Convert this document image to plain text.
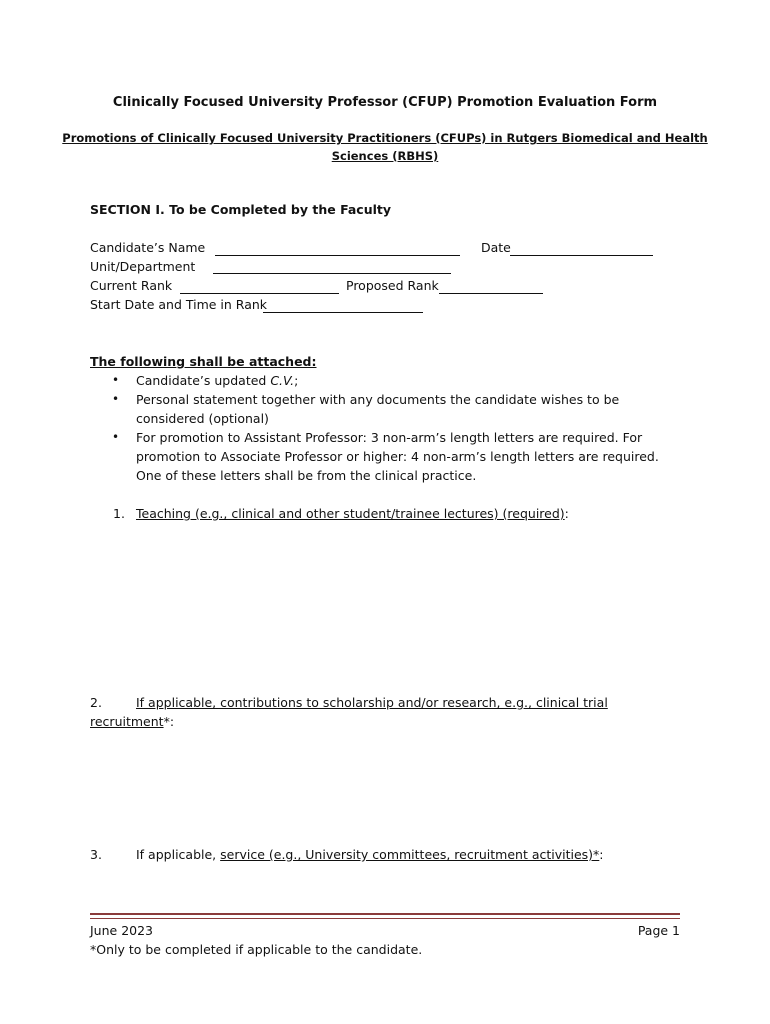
Clinically Focused University Professor (CFUP) Promotion Evaluation Form
Promotions of Clinically Focused University Practitioners (CFUPs) in Rutgers Biomedical and Health
Sciences (RBHS)
SECTION I. To be Completed by the Faculty
Candidate’s Name	Date
Unit/Department
Current Rank	Proposed Rank
Start Date and Time in Rank
The following shall be attached:
• Candidate’s updated C.V.;
• Personal statement together with any documents the candidate wishes to be
considered (optional)
• For promotion to Assistant Professor: 3 non-arm’s length letters are required. For
promotion to Associate Professor or higher: 4 non-arm’s length letters are required.
One of these letters shall be from the clinical practice.
1. Teaching (e.g., clinical and other student/trainee lectures) (required):
2.	If applicable, contributions to scholarship and/or research, e.g., clinical trial
recruitment*:
3.	If applicable, service (e.g., University committees, recruitment activities)*:
June 2023	Page 1
*Only to be completed if applicable to the candidate.
